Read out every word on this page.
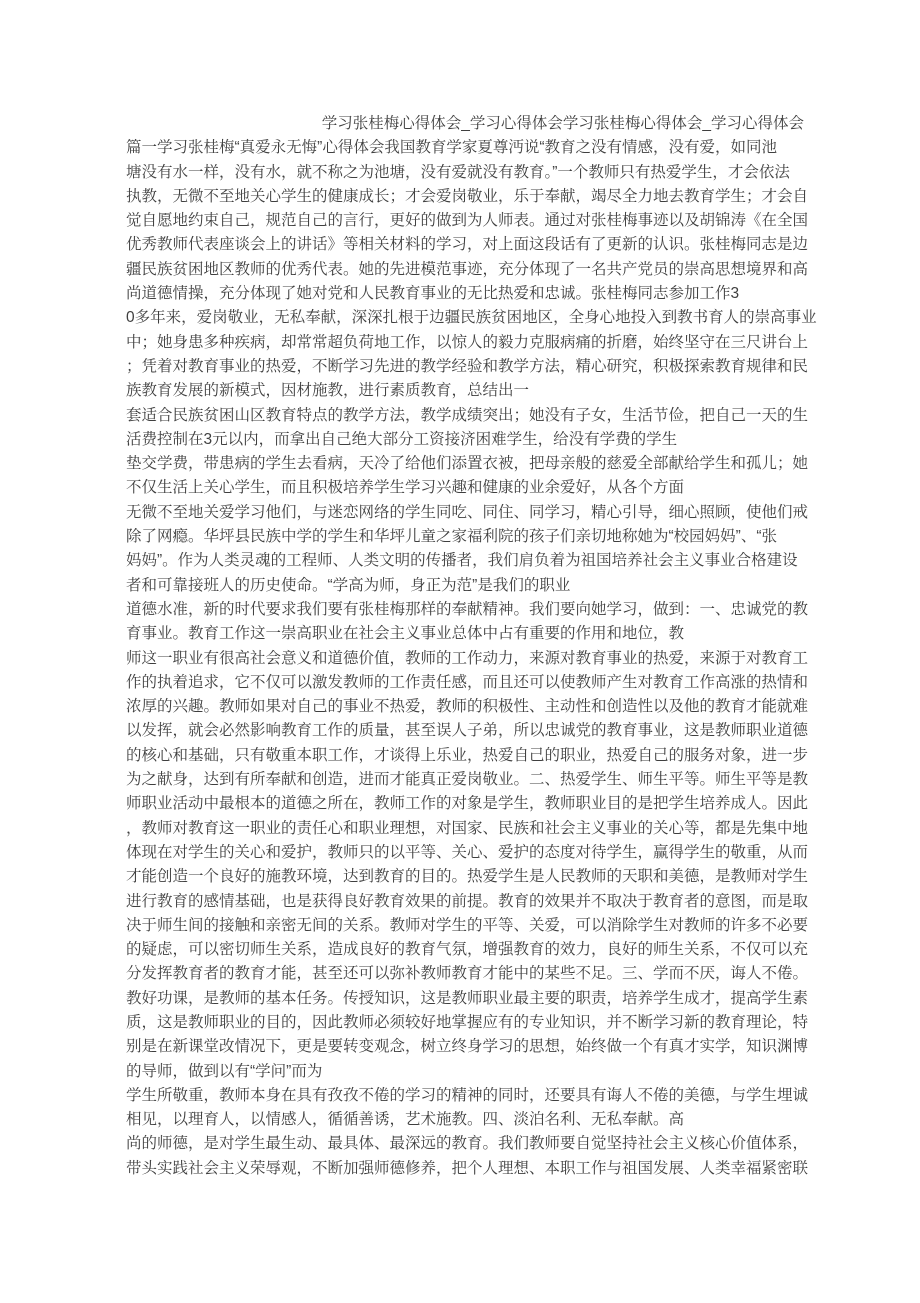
学习张桂梅心得体会_学习心得体会学习张桂梅心得体会_学习心得体会
篇一学习张桂梅“真爱永无悔”心得体会我国教育学家夏尊沔说“教育之没有情感，没有爱，如同池
塘没有水一样，没有水，就不称之为池塘，没有爱就没有教育。”一个教师只有热爱学生，才会依法
执教，无微不至地关心学生的健康成长；才会爱岗敬业，乐于奉献，竭尽全力地去教育学生；才会自
觉自愿地约束自己，规范自己的言行，更好的做到为人师表。通过对张桂梅事迹以及胡锦涛《在全国
优秀教师代表座谈会上的讲话》等相关材料的学习，对上面这段话有了更新的认识。张桂梅同志是边
疆民族贫困地区教师的优秀代表。她的先进模范事迹，充分体现了一名共产党员的崇高思想境界和高
尚道德情操，充分体现了她对党和人民教育事业的无比热爱和忠诚。张桂梅同志参加工作3
0多年来，爱岗敬业，无私奉献，深深扎根于边疆民族贫困地区，全身心地投入到教书育人的崇高事业
中；她身患多种疾病，却常常超负荷地工作，以惊人的毅力克服病痛的折磨，始终坚守在三尺讲台上
；凭着对教育事业的热爱，不断学习先进的教学经验和教学方法，精心研究，积极探索教育规律和民
族教育发展的新模式，因材施教，进行素质教育，总结出一
套适合民族贫困山区教育特点的教学方法，教学成绩突出；她没有子女，生活节俭，把自己一天的生
活费控制在3元以内，而拿出自己绝大部分工资接济困难学生，给没有学费的学生
垫交学费，带患病的学生去看病，天冷了给他们添置衣被，把母亲般的慈爱全部献给学生和孤儿；她
不仅生活上关心学生，而且积极培养学生学习兴趣和健康的业余爱好，从各个方面
无微不至地关爱学习他们，与迷恋网络的学生同吃、同住、同学习，精心引导，细心照顾，使他们戒
除了网瘾。华坪县民族中学的学生和华坪儿童之家福利院的孩子们亲切地称她为“校园妈妈”、“张
妈妈”。作为人类灵魂的工程师、人类文明的传播者，我们肩负着为祖国培养社会主义事业合格建设
者和可靠接班人的历史使命。“学高为师，身正为范”是我们的职业
道德水准，新的时代要求我们要有张桂梅那样的奉献精神。我们要向她学习，做到：一、忠诚党的教
育事业。教育工作这一崇高职业在社会主义事业总体中占有重要的作用和地位，教
师这一职业有很高社会意义和道德价值，教师的工作动力，来源对教育事业的热爱，来源于对教育工
作的执着追求，它不仅可以激发教师的工作责任感，而且还可以使教师产生对教育工作高涨的热情和
浓厚的兴趣。教师如果对自己的事业不热爱，教师的积极性、主动性和创造性以及他的教育才能就难
以发挥，就会必然影响教育工作的质量，甚至误人子弟，所以忠诚党的教育事业，这是教师职业道德
的核心和基础，只有敬重本职工作，才谈得上乐业，热爱自己的职业，热爱自己的服务对象，进一步
为之献身，达到有所奉献和创造，进而才能真正爱岗敬业。二、热爱学生、师生平等。师生平等是教
师职业活动中最根本的道德之所在，教师工作的对象是学生，教师职业目的是把学生培养成人。因此
，教师对教育这一职业的责任心和职业理想，对国家、民族和社会主义事业的关心等，都是先集中地
体现在对学生的关心和爱护，教师只的以平等、关心、爱护的态度对待学生，赢得学生的敬重，从而
才能创造一个良好的施教环境，达到教育的目的。热爱学生是人民教师的天职和美德，是教师对学生
进行教育的感情基础，也是获得良好教育效果的前提。教育的效果并不取决于教育者的意图，而是取
决于师生间的接触和亲密无间的关系。教师对学生的平等、关爱，可以消除学生对教师的许多不必要
的疑虑，可以密切师生关系，造成良好的教育气氛，增强教育的效力，良好的师生关系，不仅可以充
分发挥教育者的教育才能，甚至还可以弥补教师教育才能中的某些不足。三、学而不厌，诲人不倦。
教好功课，是教师的基本任务。传授知识，这是教师职业最主要的职责，培养学生成才，提高学生素
质，这是教师职业的目的，因此教师必须较好地掌握应有的专业知识，并不断学习新的教育理论，特
别是在新课堂改情况下，更是要转变观念，树立终身学习的思想，始终做一个有真才实学，知识渊博
的导师，做到以有“学问”而为
学生所敬重，教师本身在具有孜孜不倦的学习的精神的同时，还要具有诲人不倦的美德，与学生埋诚
相见，以理育人，以情感人，循循善诱，艺术施教。四、淡泊名利、无私奉献。高
尚的师德，是对学生最生动、最具体、最深远的教育。我们教师要自觉坚持社会主义核心价值体系，
带头实践社会主义荣辱观，不断加强师德修养，把个人理想、本职工作与祖国发展、人类幸福紧密联
